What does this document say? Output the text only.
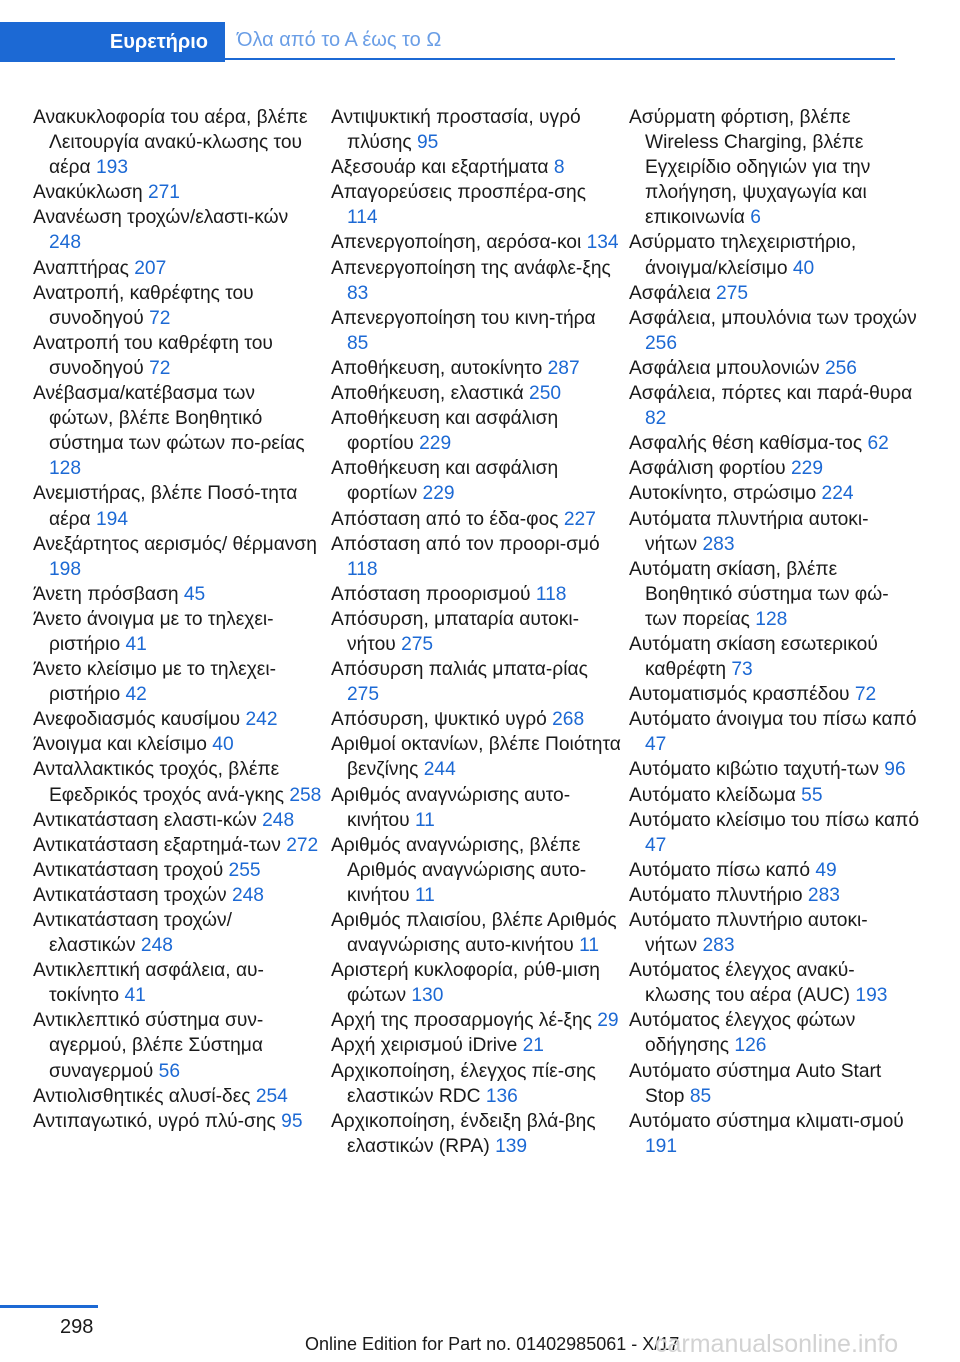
Ευρετήριο	Όλα από το Α έως το Ω

Ανακυκλοφορία του αέρα, βλέπε Λειτουργία ανακύ-κλωσης του αέρα 193

Ανακύκλωση 271

Ανανέωση τροχών/ελαστι-κών 248

Αναπτήρας 207

Ανατροπή, καθρέφτης του συνοδηγού 72

Ανατροπή του καθρέφτη του συνοδηγού 72

Ανέβασμα/κατέβασμα των φώτων, βλέπε Βοηθητικό σύστημα των φώτων πο-ρείας 128

Ανεμιστήρας, βλέπε Ποσό-τητα αέρα 194

Ανεξάρτητος αερισμός/ θέρμανση 198

Άνετη πρόσβαση 45

Άνετο άνοιγμα με το τηλεχει-ριστήριο 41

Άνετο κλείσιμο με το τηλεχει-ριστήριο 42

Ανεφοδιασμός καυσίμου 242

Άνοιγμα και κλείσιμο 40

Ανταλλακτικός τροχός, βλέπε Εφεδρικός τροχός ανά-γκης 258

Αντικατάσταση ελαστι-κών 248

Αντικατάσταση εξαρτημά-των 272

Αντικατάσταση τροχού 255

Αντικατάσταση τροχών 248

Αντικατάσταση τροχών/ ελαστικών 248

Αντικλεπτική ασφάλεια, αυ-τοκίνητο 41

Αντικλεπτικό σύστημα συν-αγερμού, βλέπε Σύστημα συναγερμού 56

Αντιολισθητικές αλυσί-δες 254

Αντιπαγωτικό, υγρό πλύ-σης 95

Αντιψυκτική προστασία, υγρό πλύσης 95

Αξεσουάρ και εξαρτήματα 8

Απαγορεύσεις προσπέρα-σης 114

Απενεργοποίηση, αερόσα-κοι 134

Απενεργοποίηση της ανάφλε-ξης 83

Απενεργοποίηση του κινη-τήρα 85

Αποθήκευση, αυτοκίνητο 287

Αποθήκευση, ελαστικά 250

Αποθήκευση και ασφάλιση φορτίου 229

Αποθήκευση και ασφάλιση φορτίων 229

Απόσταση από το έδα-φος 227

Απόσταση από τον προορι-σμό 118

Απόσταση προορισμού 118

Απόσυρση, μπαταρία αυτοκι-νήτου 275

Απόσυρση παλιάς μπατα-ρίας 275

Απόσυρση, ψυκτικό υγρό 268

Αριθμοί οκτανίων, βλέπε Ποιότητα βενζίνης 244

Αριθμός αναγνώρισης αυτο-κινήτου 11

Αριθμός αναγνώρισης, βλέπε Αριθμός αναγνώρισης αυτο-κινήτου 11

Αριθμός πλαισίου, βλέπε Αριθμός αναγνώρισης αυτο-κινήτου 11

Αριστερή κυκλοφορία, ρύθ-μιση φώτων 130

Αρχή της προσαρμογής λέ-ξης 29

Αρχή χειρισμού iDrive 21

Αρχικοποίηση, έλεγχος πίε-σης ελαστικών RDC 136

Αρχικοποίηση, ένδειξη βλά-βης ελαστικών (RPA) 139

Ασύρματη φόρτιση, βλέπε Wireless Charging, βλέπε Εγχειρίδιο οδηγιών για την πλοήγηση, ψυχαγωγία και επικοινωνία 6

Ασύρματο τηλεχειριστήριο, άνοιγμα/κλείσιμο 40

Ασφάλεια 275

Ασφάλεια, μπουλόνια των τροχών 256

Ασφάλεια μπουλονιών 256

Ασφάλεια, πόρτες και παρά-θυρα 82

Ασφαλής θέση καθίσμα-τος 62

Ασφάλιση φορτίου 229

Αυτοκίνητο, στρώσιμο 224

Αυτόματα πλυντήρια αυτοκι-νήτων 283

Αυτόματη σκίαση, βλέπε Βοηθητικό σύστημα των φώ-των πορείας 128

Αυτόματη σκίαση εσωτερικού καθρέφτη 73

Αυτοματισμός κρασπέδου 72

Αυτόματο άνοιγμα του πίσω καπό 47

Αυτόματο κιβώτιο ταχυτή-των 96

Αυτόματο κλείδωμα 55

Αυτόματο κλείσιμο του πίσω καπό 47

Αυτόματο πίσω καπό 49

Αυτόματο πλυντήριο 283

Αυτόματο πλυντήριο αυτοκι-νήτων 283

Αυτόματος έλεγχος ανακύ-κλωσης του αέρα (AUC) 193

Αυτόματος έλεγχος φώτων οδήγησης 126

Αυτόματο σύστημα Auto Start Stop 85

Αυτόματο σύστημα κλιματι-σμού 191

298
Online Edition for Part no. 01402985061 - X/17
carmanualsonline.info
